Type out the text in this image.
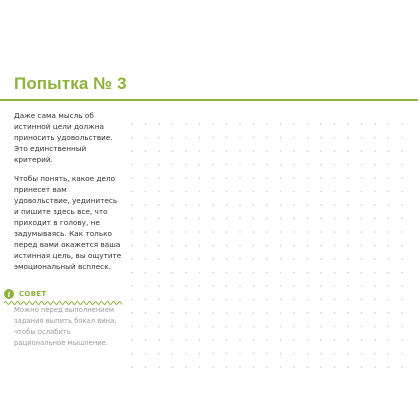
Попытка № 3

Даже сама мысль об истинной цели должна приносить удовольствие. Это единственный критерий.

Чтобы понять, какое дело принесет вам удовольствие, уединитесь и пишите здесь все, что приходит в голову, не задумываясь. Как только перед вами окажется ваша истинная цель, вы ощутите эмоциональный всплеск.

i	СОВЕТ
Можно перед выполнением задания выпить бокал вина, чтобы ослабить рациональное мышление.
